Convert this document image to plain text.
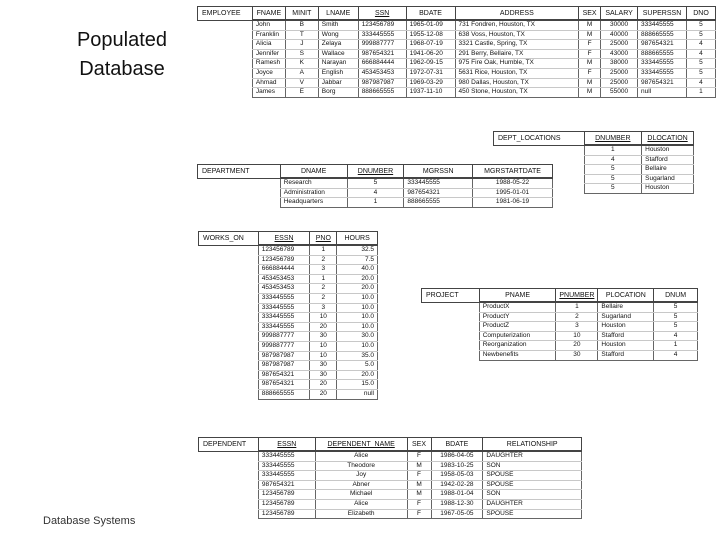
Populated
Database
Database Systems
EMPLOYEE	FNAME	MINIT	LNAME	SSN	BDATE	ADDRESS	SEX	SALARY	SUPERSSN	DNO
	John	B	Smith	123456789	1965-01-09	731 Fondren, Houston, TX	M	30000	333445555	5
	Franklin	T	Wong	333445555	1955-12-08	638 Voss, Houston, TX	M	40000	888665555	5
	Alicia	J	Zelaya	999887777	1968-07-19	3321 Castle, Spring, TX	F	25000	987654321	4
	Jennifer	S	Wallace	987654321	1941-06-20	291 Berry, Bellaire, TX	F	43000	888665555	4
	Ramesh	K	Narayan	666884444	1962-09-15	975 Fire Oak, Humble, TX	M	38000	333445555	5
	Joyce	A	English	453453453	1972-07-31	5631 Rice, Houston, TX	F	25000	333445555	5
	Ahmad	V	Jabbar	987987987	1969-03-29	980 Dallas, Houston, TX	M	25000	987654321	4
	James	E	Borg	888665555	1937-11-10	450 Stone, Houston, TX	M	55000	null	1
DEPT_LOCATIONS	DNUMBER	DLOCATION
	1	Houston
	4	Stafford
	5	Bellaire
	5	Sugarland
	5	Houston
DEPARTMENT	DNAME	DNUMBER	MGRSSN	MGRSTARTDATE
	Research	5	333445555	1988-05-22
	Administration	4	987654321	1995-01-01
	Headquarters	1	888665555	1981-06-19
WORKS_ON	ESSN	PNO	HOURS
	123456789	1	32.5
	123456789	2	7.5
	666884444	3	40.0
	453453453	1	20.0
	453453453	2	20.0
	333445555	2	10.0
	333445555	3	10.0
	333445555	10	10.0
	333445555	20	10.0
	999887777	30	30.0
	999887777	10	10.0
	987987987	10	35.0
	987987987	30	5.0
	987654321	30	20.0
	987654321	20	15.0
	888665555	20	null
PROJECT	PNAME	PNUMBER	PLOCATION	DNUM
	ProductX	1	Bellaire	5
	ProductY	2	Sugarland	5
	ProductZ	3	Houston	5
	Computerization	10	Stafford	4
	Reorganization	20	Houston	1
	Newbenefits	30	Stafford	4
DEPENDENT	ESSN	DEPENDENT_NAME	SEX	BDATE	RELATIONSHIP
	333445555	Alice	F	1986-04-05	DAUGHTER
	333445555	Theodore	M	1983-10-25	SON
	333445555	Joy	F	1958-05-03	SPOUSE
	987654321	Abner	M	1942-02-28	SPOUSE
	123456789	Michael	M	1988-01-04	SON
	123456789	Alice	F	1988-12-30	DAUGHTER
	123456789	Elizabeth	F	1967-05-05	SPOUSE
